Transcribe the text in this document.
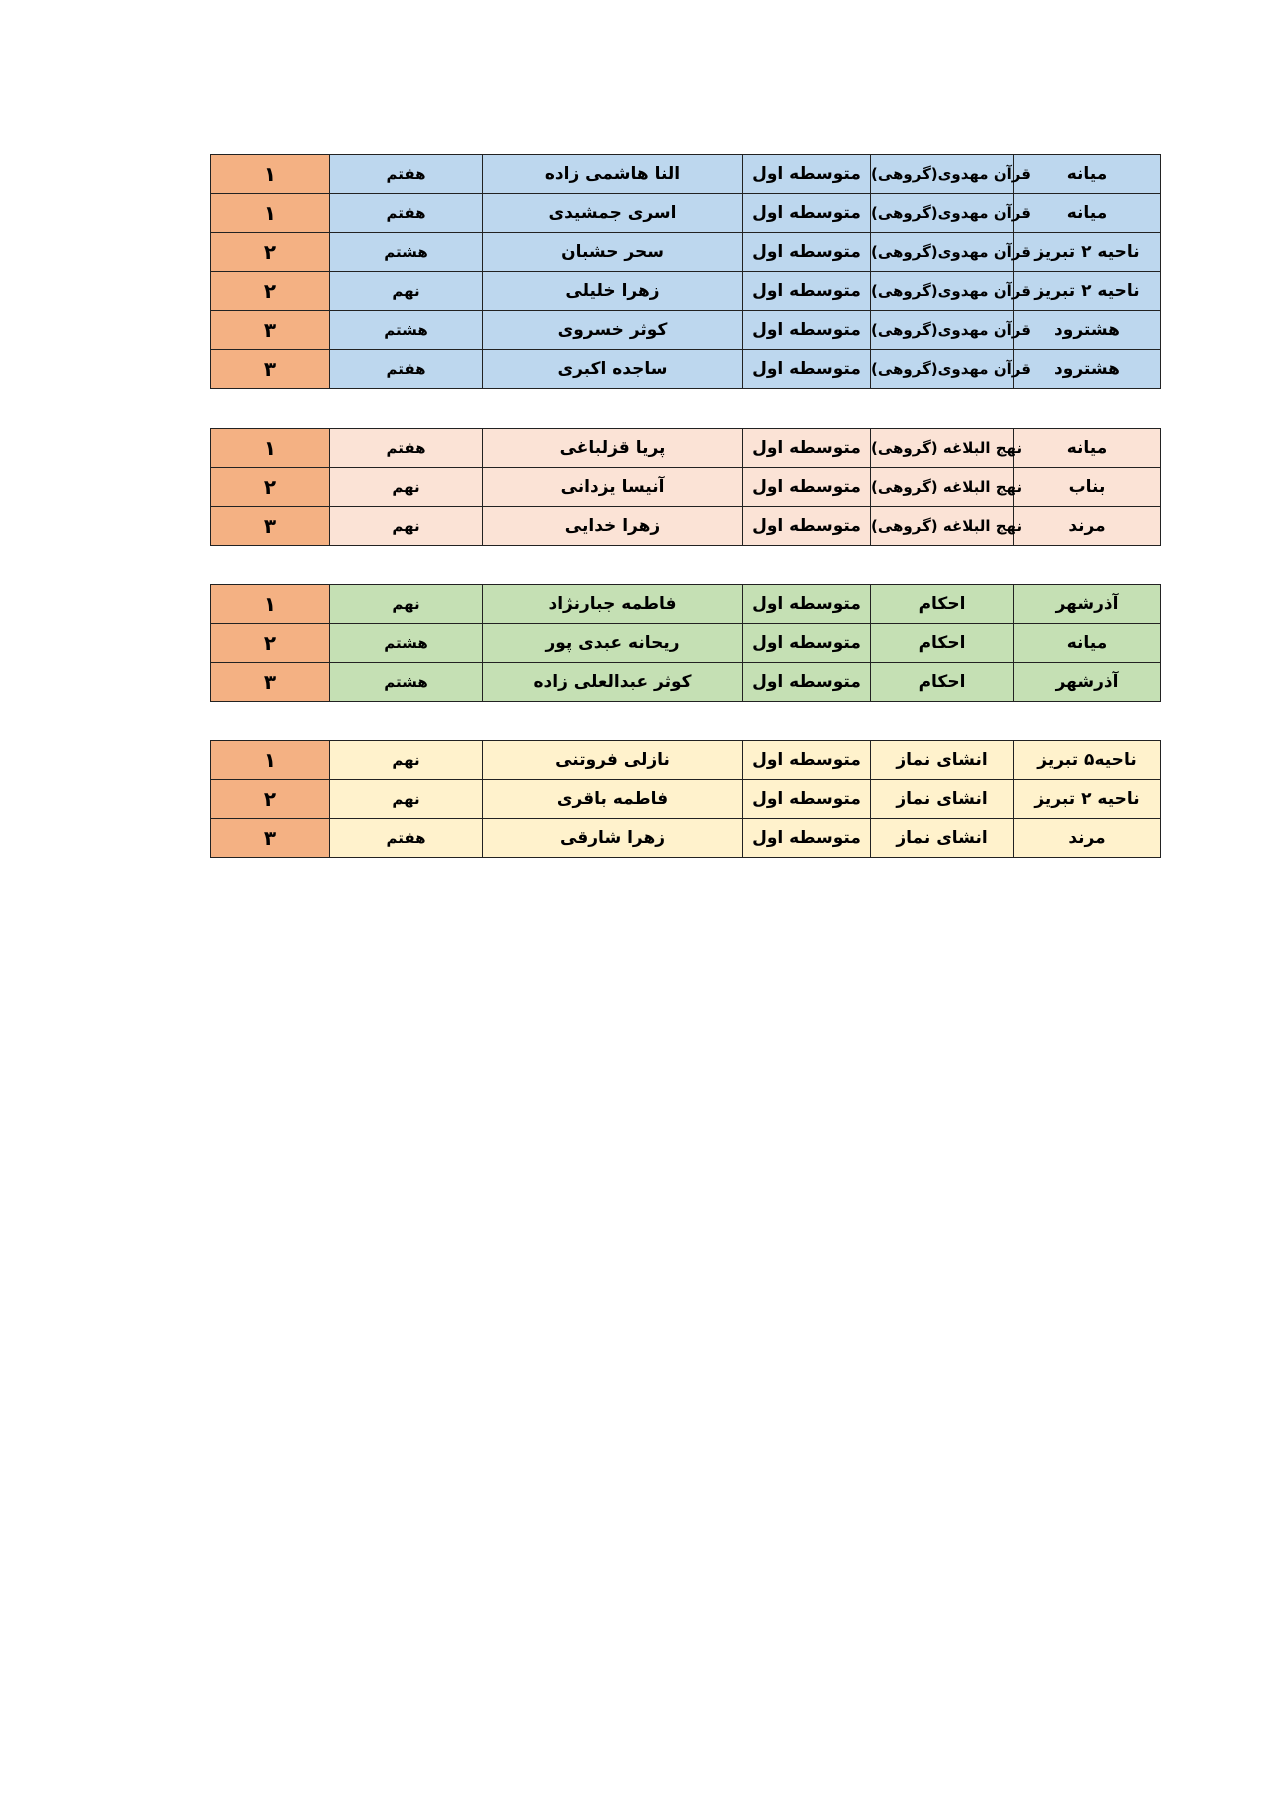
میانه	قرآن مهدوی(گروهی)	متوسطه اول	النا هاشمی زاده	هفتم	۱
میانه	قرآن مهدوی(گروهی)	متوسطه اول	اسری جمشیدی	هفتم	۱
ناحیه ۲ تبریز	قرآن مهدوی(گروهی)	متوسطه اول	سحر حشبان	هشتم	۲
ناحیه ۲ تبریز	قرآن مهدوی(گروهی)	متوسطه اول	زهرا خلیلی	نهم	۲
هشترود	قرآن مهدوی(گروهی)	متوسطه اول	کوثر خسروی	هشتم	۳
هشترود	قرآن مهدوی(گروهی)	متوسطه اول	ساجده اکبری	هفتم	۳
میانه	نهج البلاغه (گروهی)	متوسطه اول	پریا قزلباغی	هفتم	۱
بناب	نهج البلاغه (گروهی)	متوسطه اول	آنیسا یزدانی	نهم	۲
مرند	نهج البلاغه (گروهی)	متوسطه اول	زهرا خدایی	نهم	۳
آذرشهر	احکام	متوسطه اول	فاطمه جبارنژاد	نهم	۱
میانه	احکام	متوسطه اول	ریحانه عبدی پور	هشتم	۲
آذرشهر	احکام	متوسطه اول	کوثر عبدالعلی زاده	هشتم	۳
ناحیه۵ تبریز	انشای نماز	متوسطه اول	نازلی فروتنی	نهم	۱
ناحیه ۲ تبریز	انشای نماز	متوسطه اول	فاطمه باقری	نهم	۲
مرند	انشای نماز	متوسطه اول	زهرا شارقی	هفتم	۳
